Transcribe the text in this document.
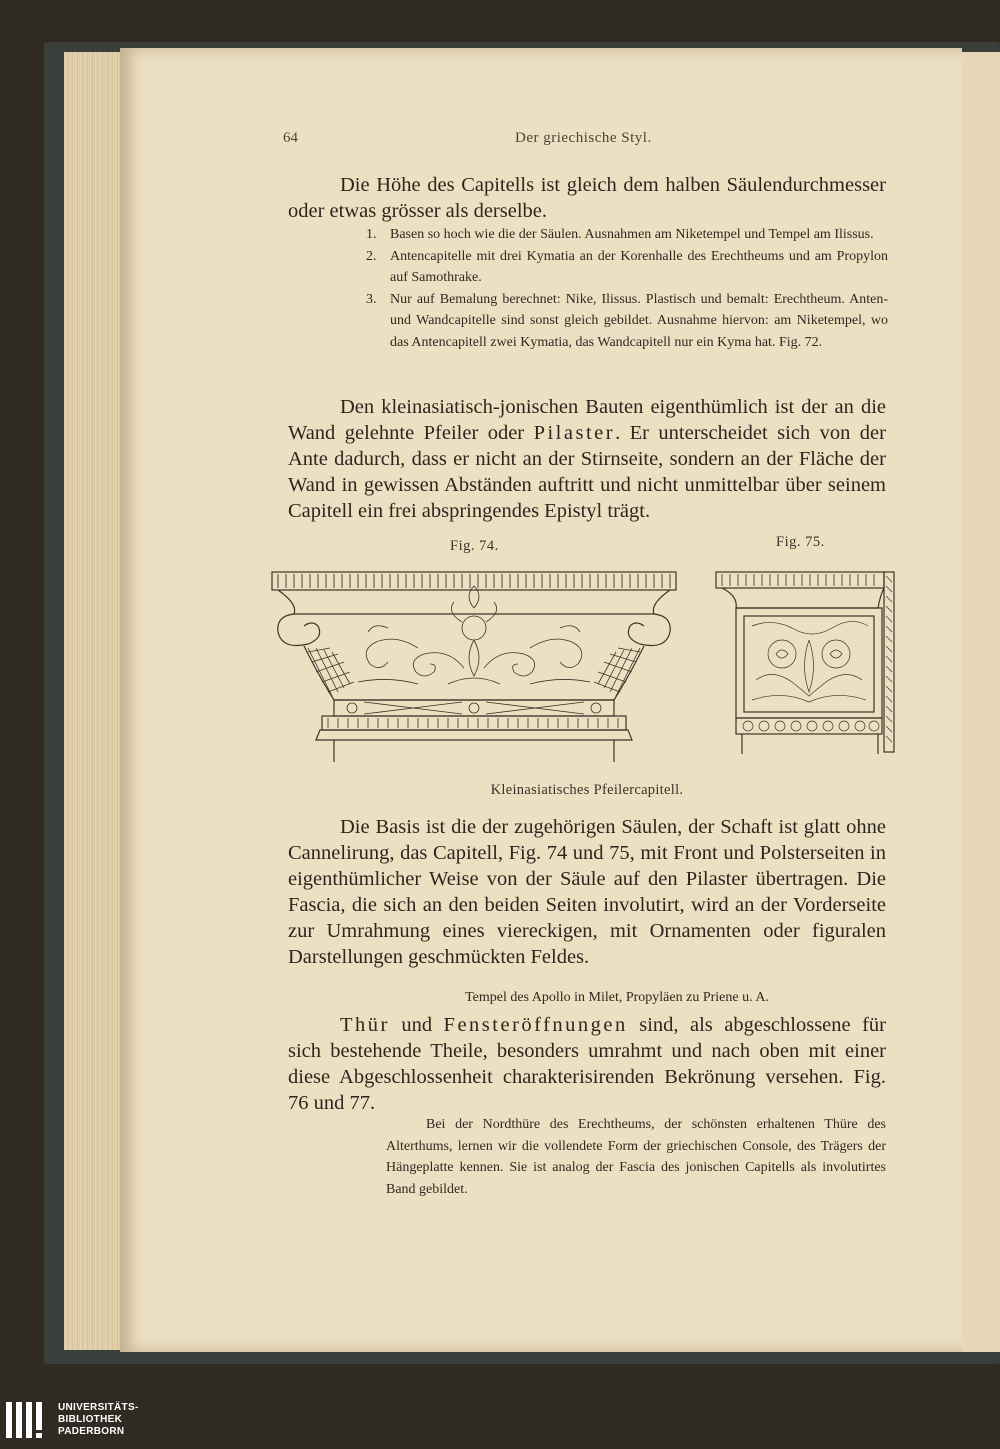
64	Der griechische Styl.

Die Höhe des Capitells ist gleich dem halben Säulendurchmesser oder etwas grösser als derselbe.

1. Basen so hoch wie die der Säulen. Ausnahmen am Niketempel und Tempel am Ilissus.
2. Antencapitelle mit drei Kymatia an der Korenhalle des Erechtheums und am Propylon auf Samothrake.
3. Nur auf Bemalung berechnet: Nike, Ilissus. Plastisch und bemalt: Erechtheum. Anten- und Wandcapitelle sind sonst gleich gebildet. Ausnahme hiervon: am Niketempel, wo das Antencapitell zwei Kymatia, das Wandcapitell nur ein Kyma hat. Fig. 72.

Den kleinasiatisch-jonischen Bauten eigenthümlich ist der an die Wand gelehnte Pfeiler oder Pilaster. Er unterscheidet sich von der Ante dadurch, dass er nicht an der Stirnseite, sondern an der Fläche der Wand in gewissen Abständen auftritt und nicht unmittelbar über seinem Capitell ein frei abspringendes Epistyl trägt.

Fig. 74.	Fig. 75.
Kleinasiatisches Pfeilercapitell.

Die Basis ist die der zugehörigen Säulen, der Schaft ist glatt ohne Cannelirung, das Capitell, Fig. 74 und 75, mit Front und Polsterseiten in eigenthümlicher Weise von der Säule auf den Pilaster übertragen. Die Fascia, die sich an den beiden Seiten involutirt, wird an der Vorderseite zur Umrahmung eines viereckigen, mit Ornamenten oder figuralen Darstellungen geschmückten Feldes.

Tempel des Apollo in Milet, Propyläen zu Priene u. A.

Thür und Fensteröffnungen sind, als abgeschlossene für sich bestehende Theile, besonders umrahmt und nach oben mit einer diese Abgeschlossenheit charakterisirenden Bekrönung versehen. Fig. 76 und 77.

Bei der Nordthüre des Erechtheums, der schönsten erhaltenen Thüre des Alterthums, lernen wir die vollendete Form der griechischen Console, des Trägers der Hängeplatte kennen. Sie ist analog der Fascia des jonischen Capitells als involutirtes Band gebildet.

UNIVERSITÄTS-
BIBLIOTHEK
PADERBORN
